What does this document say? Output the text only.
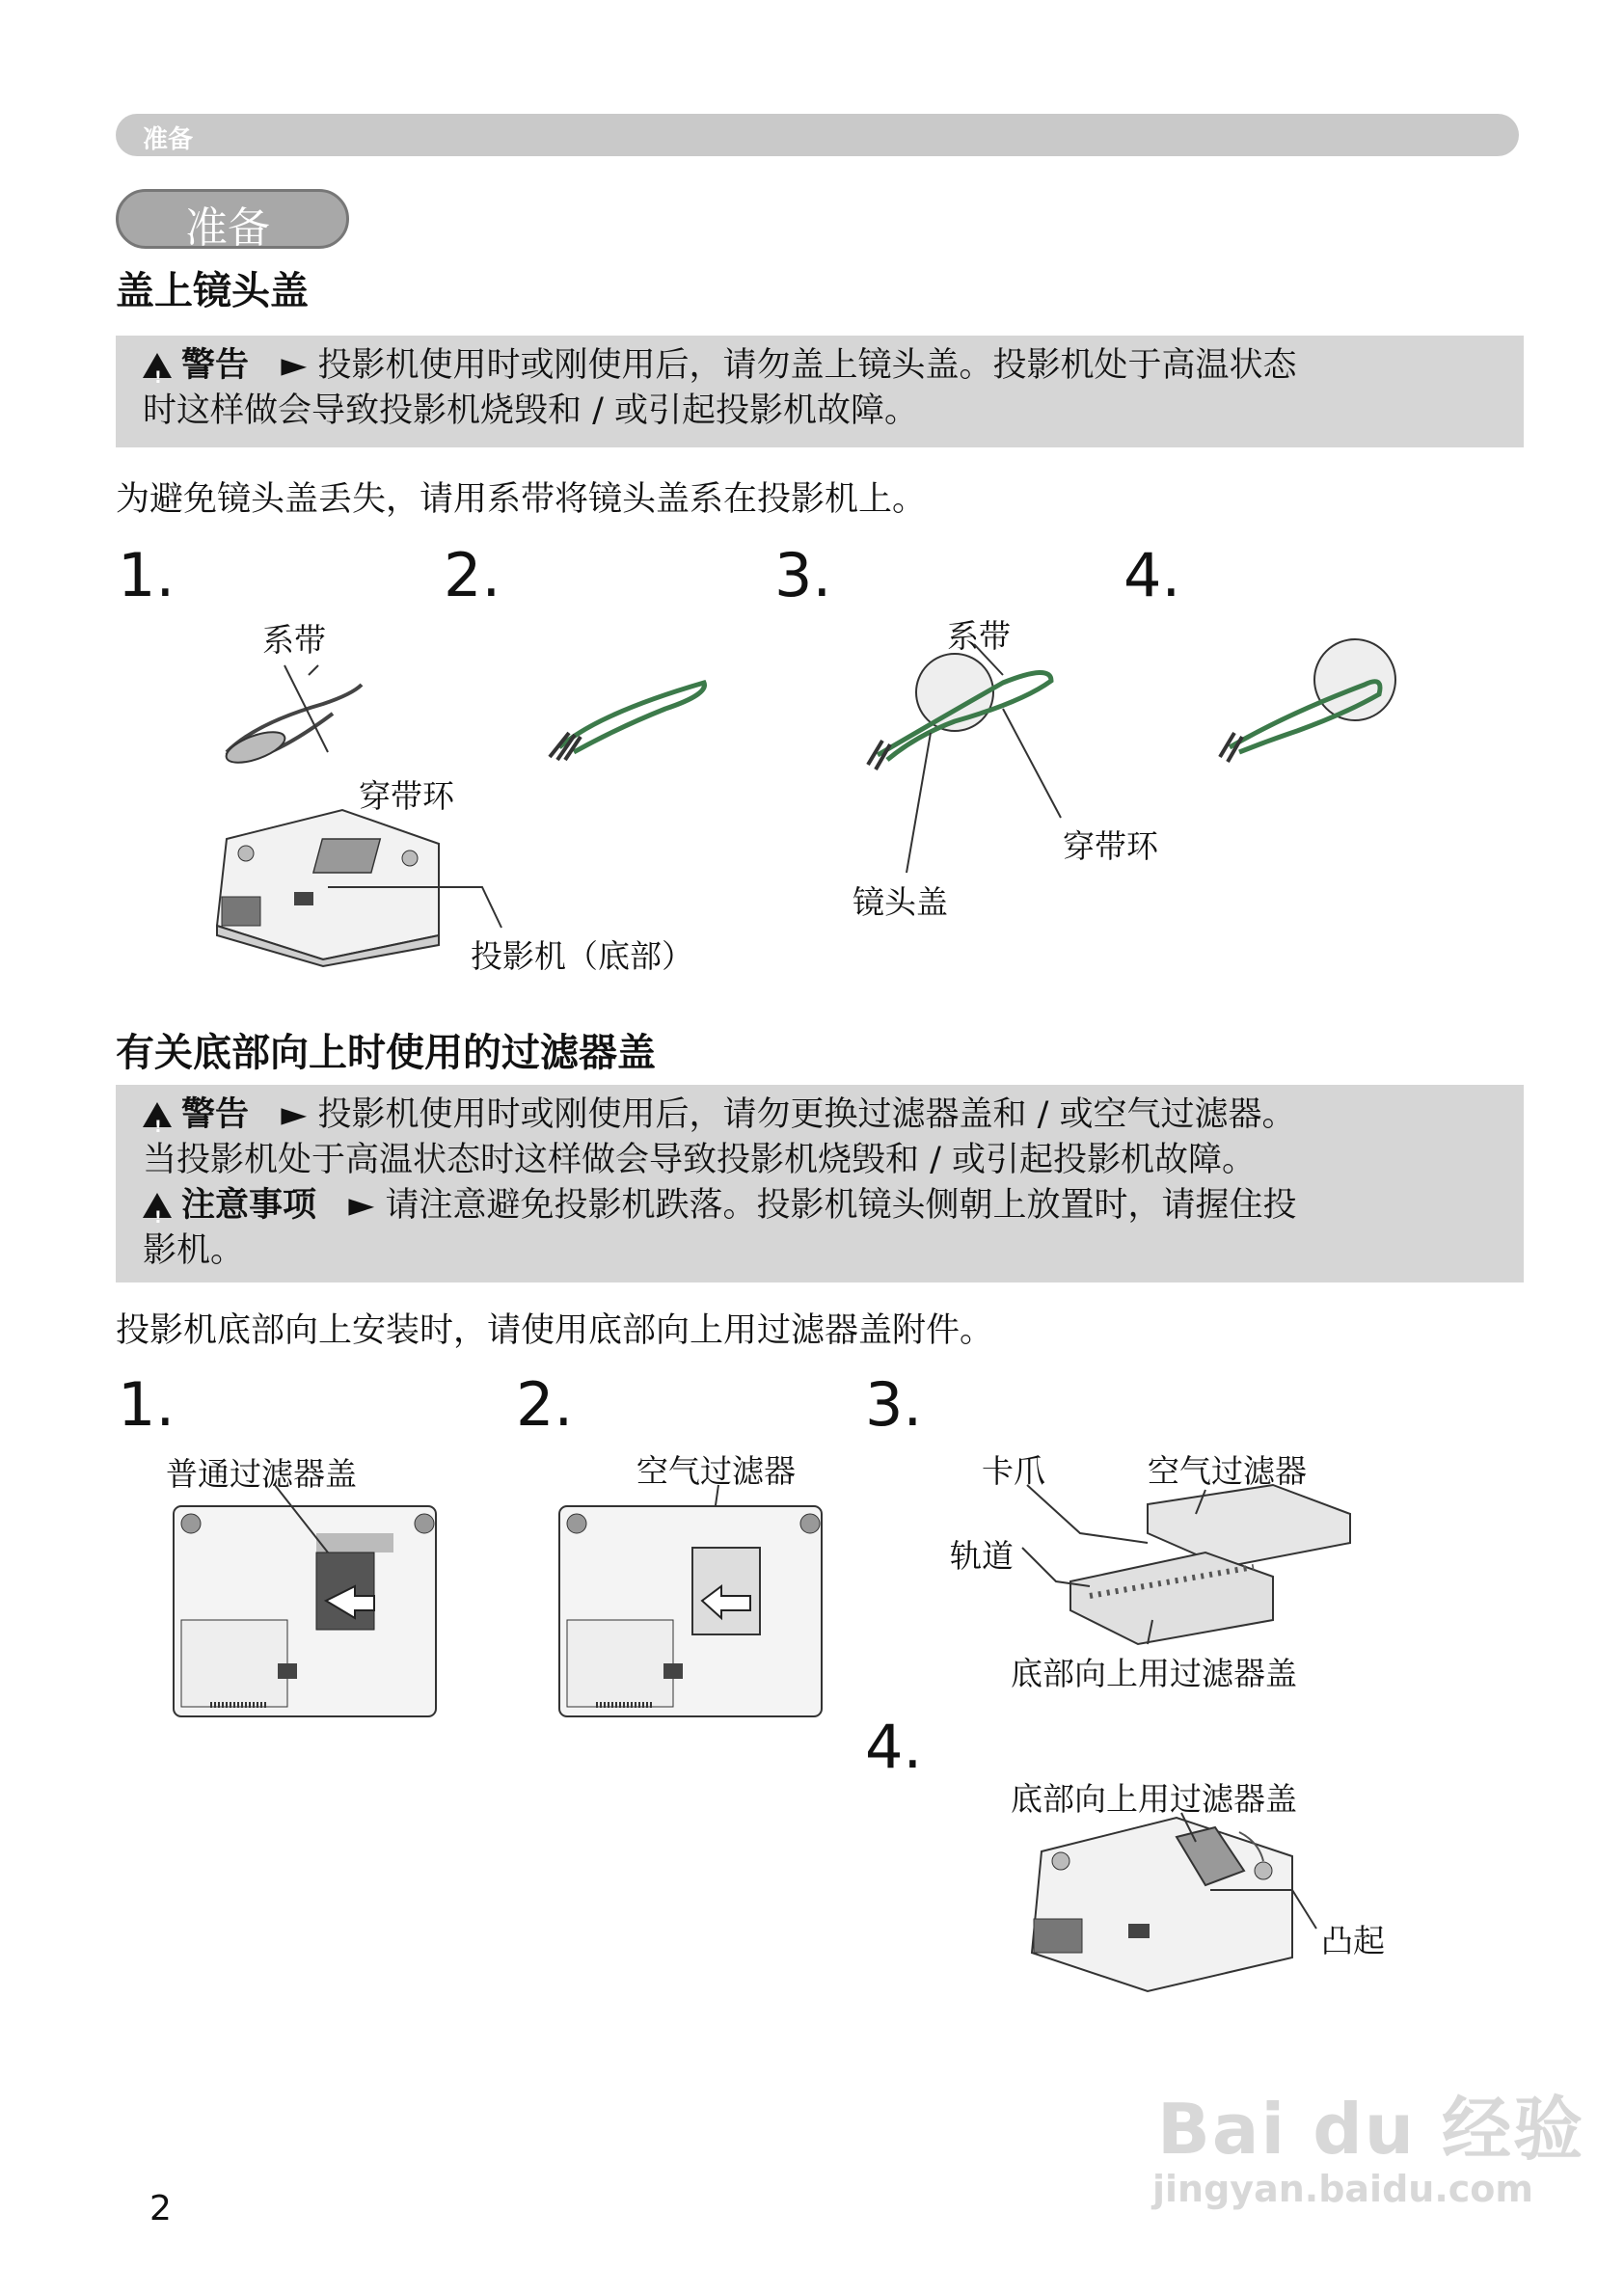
准备
准备
盖上镜头盖
!警告 ► 投影机使用时或刚使用后，请勿盖上镜头盖。投影机处于高温状态
时这样做会导致投影机烧毁和 / 或引起投影机故障。
为避免镜头盖丢失，请用系带将镜头盖系在投影机上。
1.	2.	3.	4.
系带
穿带环
投影机（底部）
系带
穿带环
镜头盖
有关底部向上时使用的过滤器盖
!警告 ► 投影机使用时或刚使用后，请勿更换过滤器盖和 / 或空气过滤器。
当投影机处于高温状态时这样做会导致投影机烧毁和 / 或引起投影机故障。
!注意事项 ► 请注意避免投影机跌落。投影机镜头侧朝上放置时，请握住投
影机。
投影机底部向上安装时，请使用底部向上用过滤器盖附件。
1.	2.	3.
4.
普通过滤器盖	空气过滤器	卡爪	空气过滤器
轨道
底部向上用过滤器盖
底部向上用过滤器盖
凸起
2
Bai du 经验
jingyan.baidu.com
